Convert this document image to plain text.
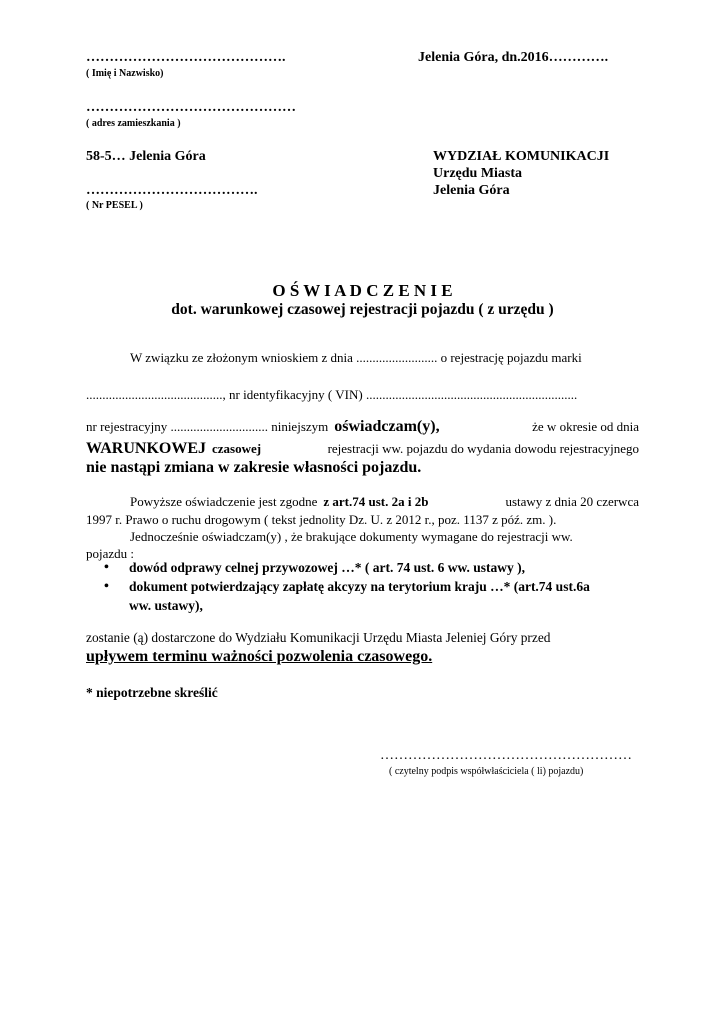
…………………………………….
( Imię i Nazwisko)
………………………………………
( adres zamieszkania )
58-5… Jelenia Góra
……………………………….
( Nr PESEL )
Jelenia Góra, dn.2016………….
WYDZIAŁ KOMUNIKACJI
Urzędu Miasta
Jelenia Góra
O Ś W I A D C Z E N I E
dot. warunkowej czasowej rejestracji pojazdu ( z urzędu )
W związku ze złożonym wnioskiem z dnia ......................... o rejestrację pojazdu marki
.........................................., nr identyfikacyjny ( VIN) .................................................................
nr rejestracyjny .............................. niniejszym oświadczam(y),	że w okresie od dnia
WARUNKOWEJ czasowej	rejestracji ww. pojazdu do wydania dowodu rejestracyjnego
nie nastąpi zmiana w zakresie własności pojazdu.
Powyższe oświadczenie jest zgodne z art.74 ust. 2a i 2b	ustawy z dnia 20 czerwca
1997 r. Prawo o ruchu drogowym ( tekst jednolity Dz. U. z 2012 r., poz. 1137 z póź. zm. ).
Jednocześnie oświadczam(y) , że brakujące dokumenty wymagane do rejestracji ww.
pojazdu :
• dowód odprawy celnej przywozowej …* ( art. 74 ust. 6 ww. ustawy ),
• dokument potwierdzający zapłatę akcyzy na terytorium kraju …* (art.74 ust.6a
ww. ustawy),
zostanie (ą) dostarczone do Wydziału Komunikacji Urzędu Miasta Jeleniej Góry przed
upływem terminu ważności pozwolenia czasowego.
* niepotrzebne skreślić
………………………………………………
( czytelny podpis współwłaściciela ( li) pojazdu)
